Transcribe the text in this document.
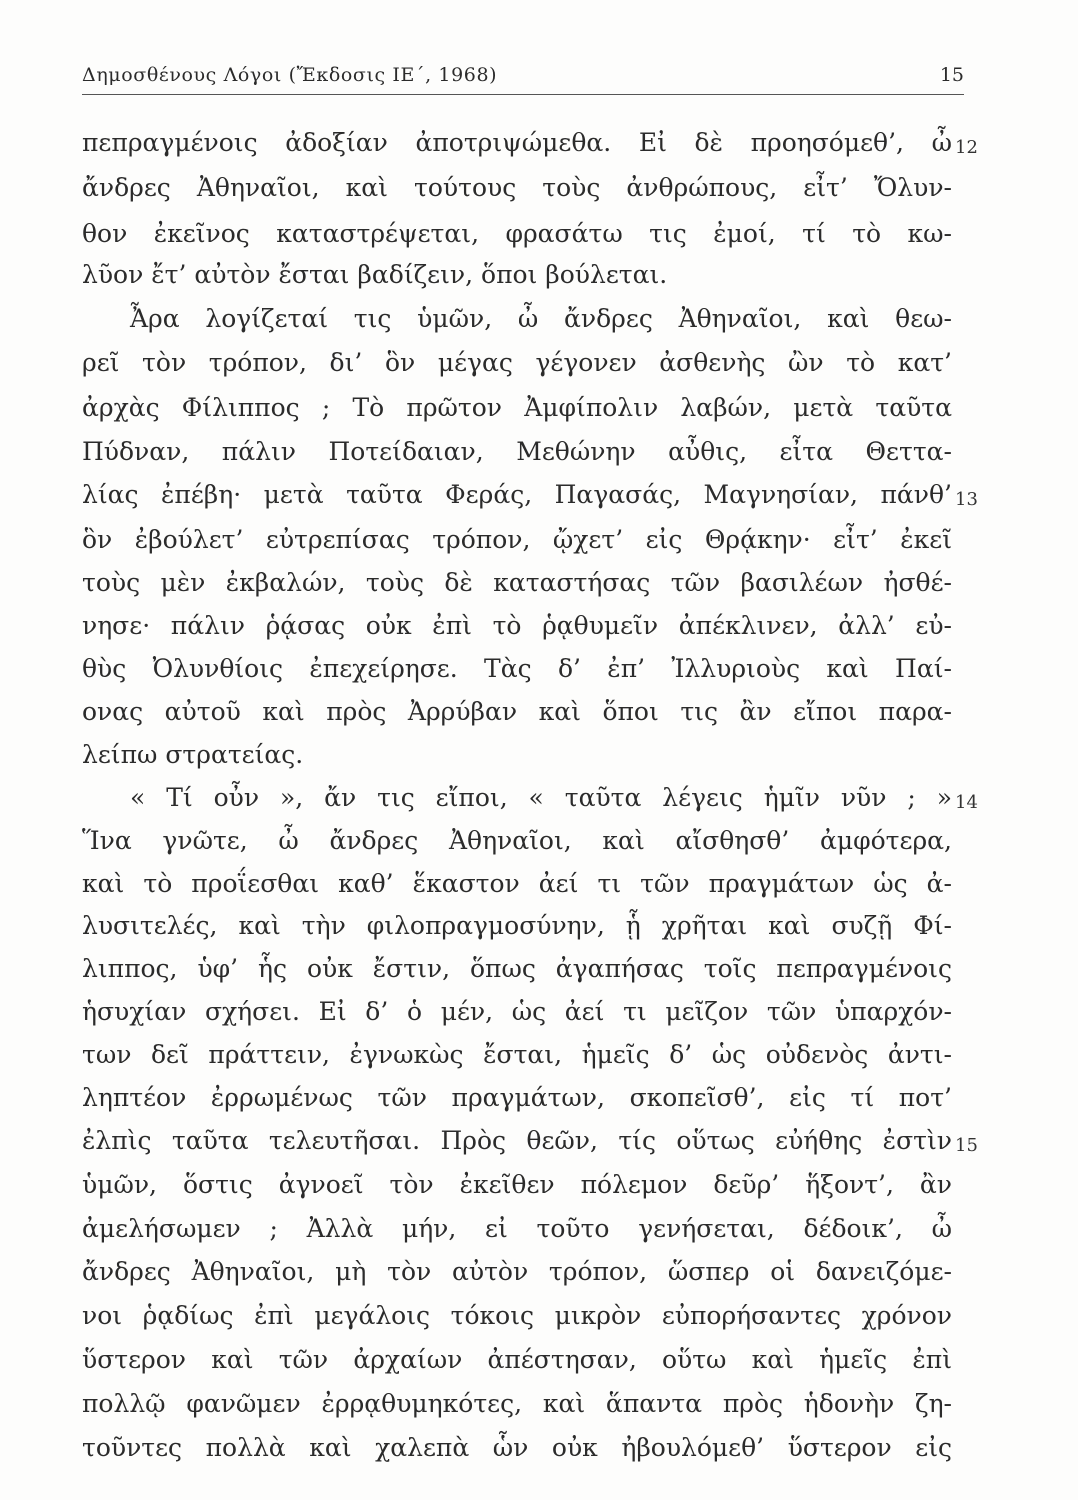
Δημοσθένους Λόγοι (Ἔκδοσις ΙΕ΄, 1968)	15
πεπραγμένοις ἀδοξίαν ἀποτριψώμεθα. Εἰ δὲ προησόμεθ’, ὦ
ἄνδρες Ἀθηναῖοι, καὶ τούτους τοὺς ἀνθρώπους, εἶτ’ Ὄλυν-
θον ἐκεῖνος καταστρέψεται, φρασάτω τις ἐμοί, τί τὸ κω-
λῦον ἔτ’ αὐτὸν ἔσται βαδίζειν, ὅποι βούλεται.
Ἆρα λογίζεταί τις ὑμῶν, ὦ ἄνδρες Ἀθηναῖοι, καὶ θεω-
ρεῖ τὸν τρόπον, δι’ ὃν μέγας γέγονεν ἀσθενὴς ὢν τὸ κατ’
ἀρχὰς Φίλιππος ; Τὸ πρῶτον Ἀμφίπολιν λαβών, μετὰ ταῦτα
Πύδναν, πάλιν Ποτείδαιαν, Μεθώνην αὖθις, εἶτα Θεττα-
λίας ἐπέβη· μετὰ ταῦτα Φεράς, Παγασάς, Μαγνησίαν, πάνθ’
ὃν ἐβούλετ’ εὐτρεπίσας τρόπον, ᾤχετ’ εἰς Θρᾴκην· εἶτ’ ἐκεῖ
τοὺς μὲν ἐκβαλών, τοὺς δὲ καταστήσας τῶν βασιλέων ἠσθέ-
νησε· πάλιν ῥᾴσας οὐκ ἐπὶ τὸ ῥᾳθυμεῖν ἀπέκλινεν, ἀλλ’ εὐ-
θὺς Ὀλυνθίοις ἐπεχείρησε. Τὰς δ’ ἐπ’ Ἰλλυριοὺς καὶ Παί-
ονας αὐτοῦ καὶ πρὸς Ἀρρύβαν καὶ ὅποι τις ἂν εἴποι παρα-
λείπω στρατείας.
« Τί οὖν », ἄν τις εἴποι, « ταῦτα λέγεις ἡμῖν νῦν ; »
Ἵνα γνῶτε, ὦ ἄνδρες Ἀθηναῖοι, καὶ αἴσθησθ’ ἀμφότερα,
καὶ τὸ προΐεσθαι καθ’ ἕκαστον ἀεί τι τῶν πραγμάτων ὡς ἀ-
λυσιτελές, καὶ τὴν φιλοπραγμοσύνην, ᾗ χρῆται καὶ συζῇ Φί-
λιππος, ὑφ’ ἧς οὐκ ἔστιν, ὅπως ἀγαπήσας τοῖς πεπραγμένοις
ἡσυχίαν σχήσει. Εἰ δ’ ὁ μέν, ὡς ἀεί τι μεῖζον τῶν ὑπαρχόν-
των δεῖ πράττειν, ἐγνωκὼς ἔσται, ἡμεῖς δ’ ὡς οὐδενὸς ἀντι-
ληπτέον ἐρρωμένως τῶν πραγμάτων, σκοπεῖσθ’, εἰς τί ποτ’
ἐλπὶς ταῦτα τελευτῆσαι. Πρὸς θεῶν, τίς οὕτως εὐήθης ἐστὶν
ὑμῶν, ὅστις ἀγνοεῖ τὸν ἐκεῖθεν πόλεμον δεῦρ’ ἥξοντ’, ἂν
ἀμελήσωμεν ; Ἀλλὰ μήν, εἰ τοῦτο γενήσεται, δέδοικ’, ὦ
ἄνδρες Ἀθηναῖοι, μὴ τὸν αὐτὸν τρόπον, ὥσπερ οἱ δανειζόμε-
νοι ῥᾳδίως ἐπὶ μεγάλοις τόκοις μικρὸν εὐπορήσαντες χρόνον
ὕστερον καὶ τῶν ἀρχαίων ἀπέστησαν, οὕτω καὶ ἡμεῖς ἐπὶ
πολλῷ φανῶμεν ἐρρᾳθυμηκότες, καὶ ἅπαντα πρὸς ἡδονὴν ζη-
τοῦντες πολλὰ καὶ χαλεπὰ ὧν οὐκ ἠβουλόμεθ’ ὕστερον εἰς
12
13
14
15
